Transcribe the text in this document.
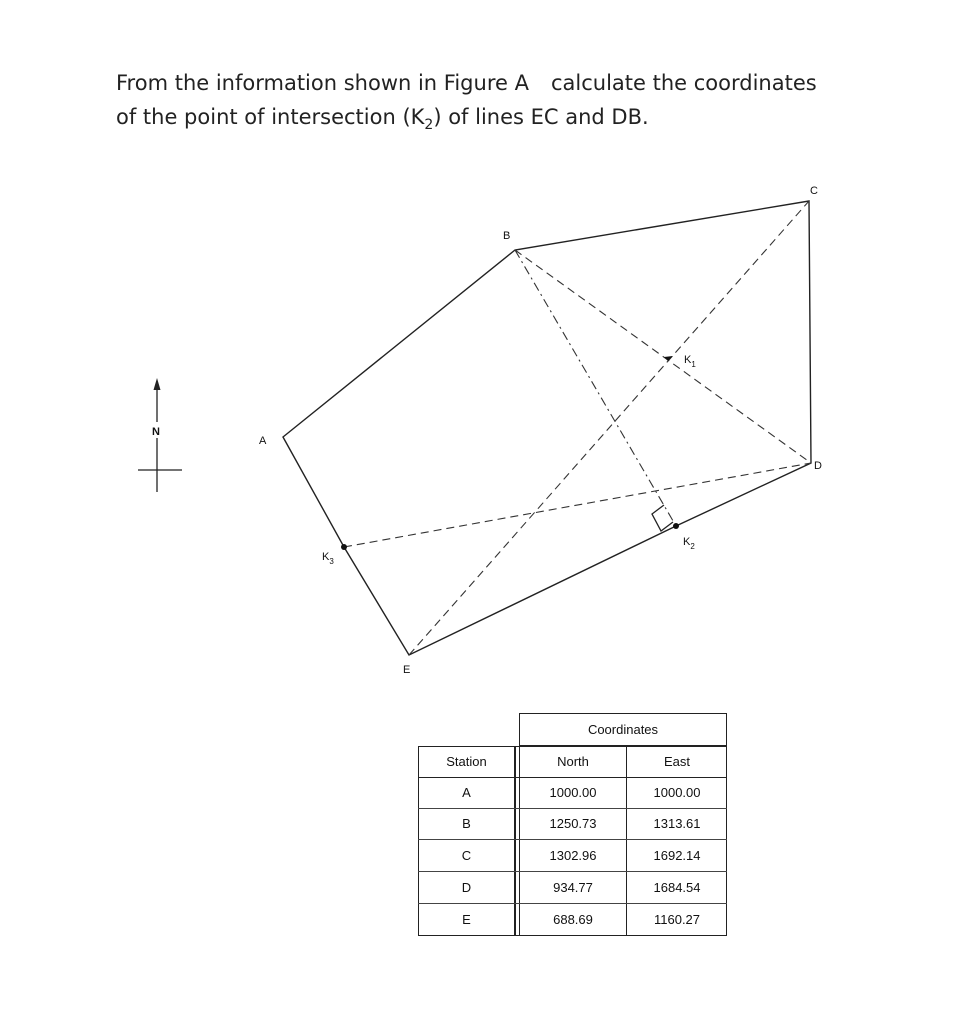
From the information shown in Figure A calculate the coordinates

of the point of intersection $(K_2)$ of lines EC and DB.

N
A
B
C
D
E
$K_1$
$K_2$
$K_3$
Coordinates
Station	North	East
A	1000.00	1000.00
B	1250.73	1313.61
C	1302.96	1692.14
D	934.77	1684.54
E	688.69	1160.27
